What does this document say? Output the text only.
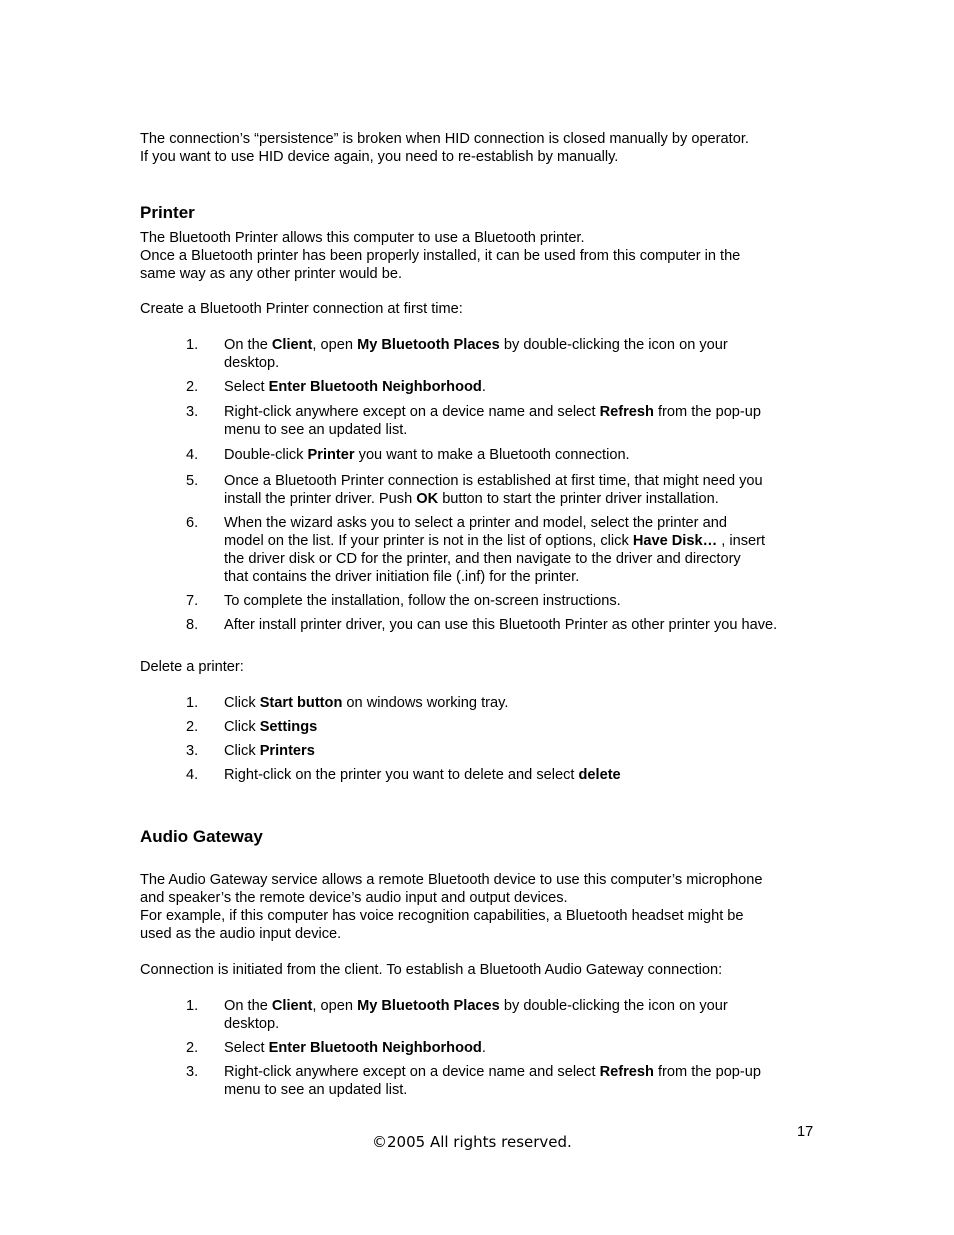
The connection’s “persistence” is broken when HID connection is closed manually by operator.

If you want to use HID device again, you need to re-establish by manually.

Printer

The Bluetooth Printer allows this computer to use a Bluetooth printer.

Once a Bluetooth printer has been properly installed, it can be used from this computer in the

same way as any other printer would be.

Create a Bluetooth Printer connection at first time:

1. On the Client, open My Bluetooth Places by double-clicking the icon on your
desktop.
2. Select Enter Bluetooth Neighborhood.
3. Right-click anywhere except on a device name and select Refresh from the pop-up
menu to see an updated list.
4. Double-click Printer you want to make a Bluetooth connection.
5. Once a Bluetooth Printer connection is established at first time, that might need you
install the printer driver. Push OK button to start the printer driver installation.
6. When the wizard asks you to select a printer and model, select the printer and
model on the list. If your printer is not in the list of options, click Have Disk… , insert
the driver disk or CD for the printer, and then navigate to the driver and directory
that contains the driver initiation file (.inf) for the printer.
7. To complete the installation, follow the on-screen instructions.
8. After install printer driver, you can use this Bluetooth Printer as other printer you have.

Delete a printer:

1. Click Start button on windows working tray.
2. Click Settings
3. Click Printers
4. Right-click on the printer you want to delete and select delete
Audio Gateway

The Audio Gateway service allows a remote Bluetooth device to use this computer’s microphone

and speaker’s the remote device’s audio input and output devices.

For example, if this computer has voice recognition capabilities, a Bluetooth headset might be

used as the audio input device.

Connection is initiated from the client. To establish a Bluetooth Audio Gateway connection:

1. On the Client, open My Bluetooth Places by double-clicking the icon on your
desktop.
2. Select Enter Bluetooth Neighborhood.
3. Right-click anywhere except on a device name and select Refresh from the pop-up
menu to see an updated list.
17
©2005 All rights reserved.
